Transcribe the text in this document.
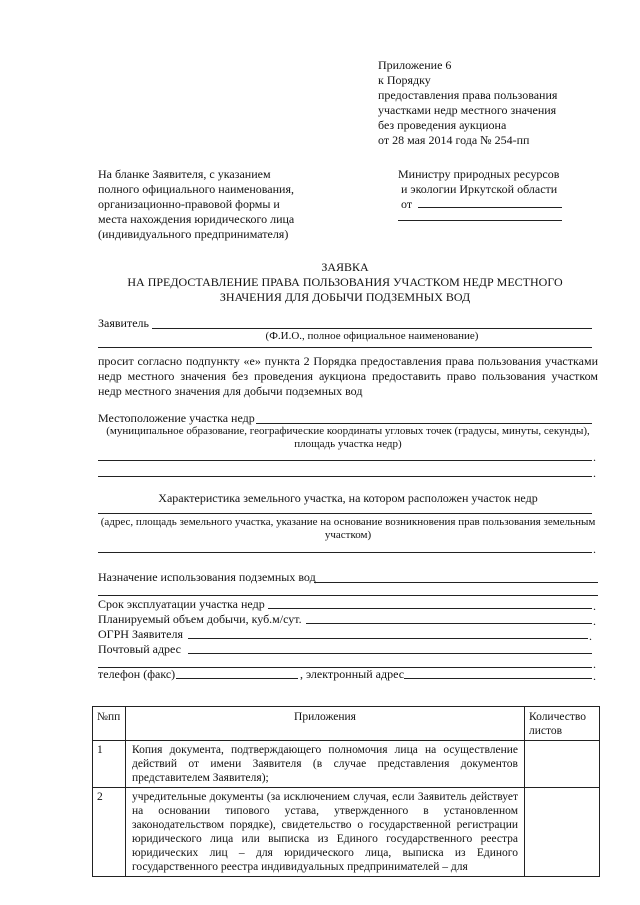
Приложение 6
к Порядку
предоставления права пользования
участками недр местного значения
без проведения аукциона
от 28 мая 2014 года № 254-пп
На бланке Заявителя, с указанием
полного официального наименования,
организационно-правовой формы и
места нахождения юридического лица
(индивидуального предпринимателя)
Министру природных ресурсов
и экологии Иркутской области
от
ЗАЯВКА
НА ПРЕДОСТАВЛЕНИЕ ПРАВА ПОЛЬЗОВАНИЯ УЧАСТКОМ НЕДР МЕСТНОГО
ЗНАЧЕНИЯ ДЛЯ ДОБЫЧИ ПОДЗЕМНЫХ ВОД
Заявитель
(Ф.И.О., полное официальное наименование)
просит согласно подпункту «е» пункта 2 Порядка предоставления права пользования участками недр местного значения без проведения аукциона предоставить право пользования участком недр местного значения для добычи подземных вод
Местоположение участка недр
(муниципальное образование, географические координаты угловых точек (градусы, минуты, секунды), площадь участка недр)
.
.
Характеристика земельного участка, на котором расположен участок недр
(адрес, площадь земельного участка, указание на основание возникновения прав пользования земельным участком)
.
Назначение использования подземных вод
Срок эксплуатации участка недр	.
Планируемый объем добычи, куб.м/сут.	.
ОГРН Заявителя	.
Почтовый адрес
.
телефон (факс)	, электронный адрес	.
№пп	Приложения	Количество листов
1	Копия документа, подтверждающего полномочия лица на осуществление действий от имени Заявителя (в случае представления документов представителем Заявителя);	
2	учредительные документы (за исключением случая, если Заявитель действует на основании типового устава, утвержденного в установленном законодательством порядке), свидетельство о государственной регистрации юридического лица или выписка из Единого государственного реестра юридических лиц – для юридического лица, выписка из Единого государственного реестра индивидуальных предпринимателей – для	
